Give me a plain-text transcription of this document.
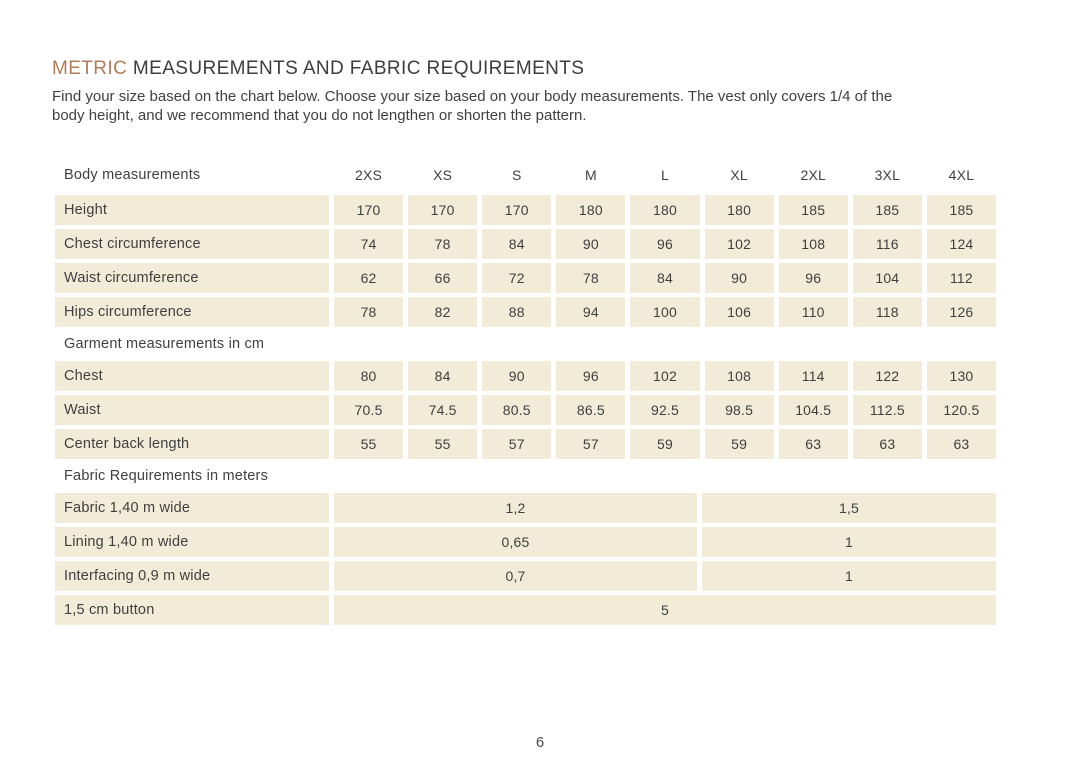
METRIC MEASUREMENTS AND FABRIC REQUIREMENTS

Find your size based on the chart below. Choose your size based on your body measurements. The vest only covers 1/4 of the

body height, and we recommend that you do not lengthen or shorten the pattern.

Body measurements	2XS	XS	S	M	L	XL	2XL	3XL	4XL
Height	170	170	170	180	180	180	185	185	185
Chest circumference	74	78	84	90	96	102	108	116	124
Waist circumference	62	66	72	78	84	90	96	104	112
Hips circumference	78	82	88	94	100	106	110	118	126
Garment measurements in cm
Chest	80	84	90	96	102	108	114	122	130
Waist	70.5	74.5	80.5	86.5	92.5	98.5	104.5	112.5	120.5
Center back length	55	55	57	57	59	59	63	63	63
Fabric Requirements in meters
Fabric 1,40 m wide	1,2	1,5
Lining 1,40 m wide	0,65	1
Interfacing 0,9 m wide	0,7	1
1,5 cm button	5
6
